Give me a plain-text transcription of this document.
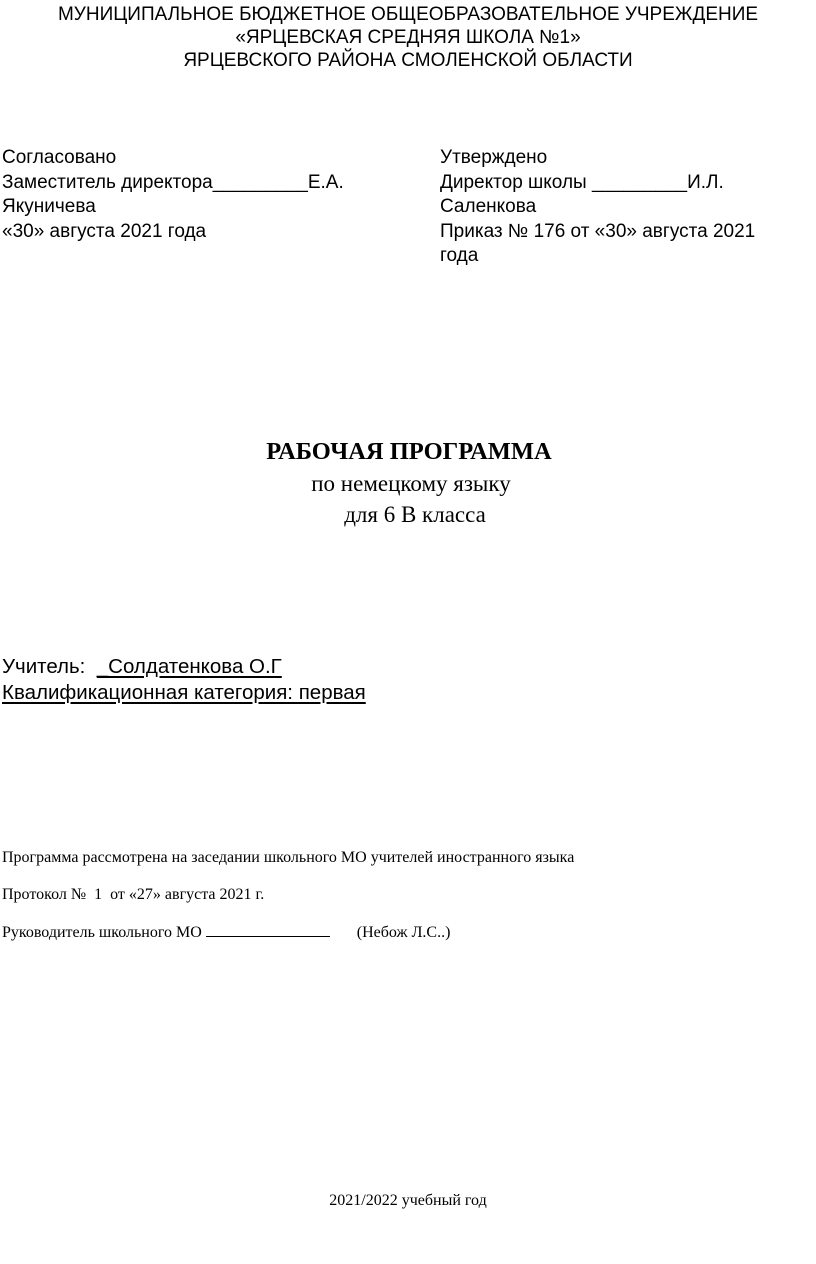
МУНИЦИПАЛЬНОЕ БЮДЖЕТНОЕ ОБЩЕОБРАЗОВАТЕЛЬНОЕ УЧРЕЖДЕНИЕ
«ЯРЦЕВСКАЯ СРЕДНЯЯ ШКОЛА №1»
ЯРЦЕВСКОГО РАЙОНА СМОЛЕНСКОЙ ОБЛАСТИ
Согласовано
Заместитель директора_________Е.А.
Якуничева
«30» августа 2021 года
Утверждено
Директор школы _________И.Л.
Саленкова
Приказ № 176 от «30» августа 2021
года
РАБОЧАЯ ПРОГРАММА
по немецкому языку
для 6 В класса
Учитель:  _Солдатенкова О.Г
Квалификационная категория: первая
Программа рассмотрена на заседании школьного МО учителей иностранного языка
Протокол №  1  от «27» августа 2021 г.
Руководитель школьного МО	(Небож Л.С..)
2021/2022 учебный год
